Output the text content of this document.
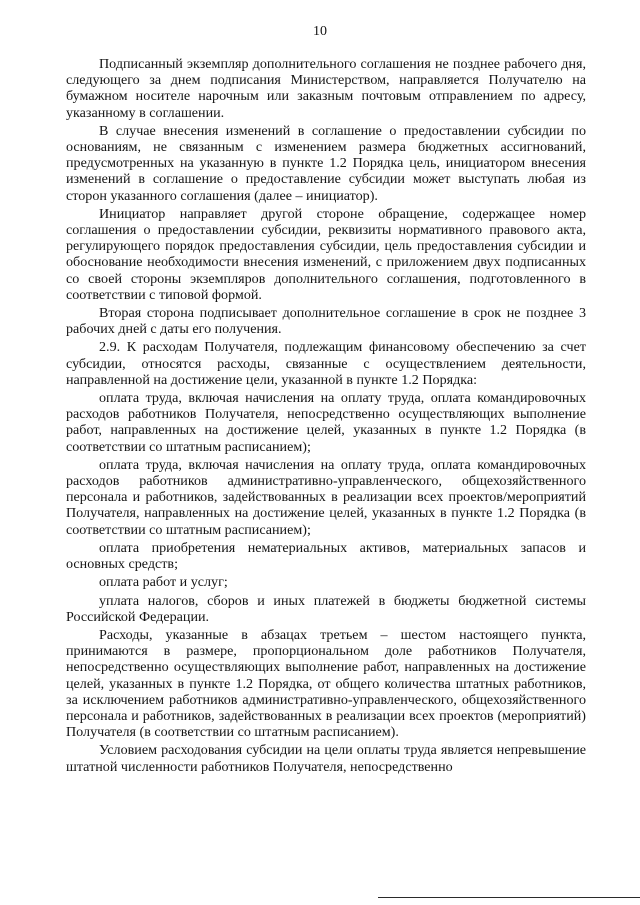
10

Подписанный экземпляр дополнительного соглашения не позднее рабочего дня, следующего за днем подписания Министерством, направляется Получателю на бумажном носителе нарочным или заказным почтовым отправлением по адресу, указанному в соглашении.

В случае внесения изменений в соглашение о предоставлении субсидии по основаниям, не связанным с изменением размера бюджетных ассигнований, предусмотренных на указанную в пункте 1.2 Порядка цель, инициатором внесения изменений в соглашение о предоставление субсидии может выступать любая из сторон указанного соглашения (далее – инициатор).

Инициатор направляет другой стороне обращение, содержащее номер соглашения о предоставлении субсидии, реквизиты нормативного правового акта, регулирующего порядок предоставления субсидии, цель предоставления субсидии и обоснование необходимости внесения изменений, с приложением двух подписанных со своей стороны экземпляров дополнительного соглашения, подготовленного в соответствии с типовой формой.

Вторая сторона подписывает дополнительное соглашение в срок не позднее 3 рабочих дней с даты его получения.

2.9. К расходам Получателя, подлежащим финансовому обеспечению за счет субсидии, относятся расходы, связанные с осуществлением деятельности, направленной на достижение цели, указанной в пункте 1.2 Порядка:

оплата труда, включая начисления на оплату труда, оплата командировочных расходов работников Получателя, непосредственно осуществляющих выполнение работ, направленных на достижение целей, указанных в пункте 1.2 Порядка (в соответствии со штатным расписанием);

оплата труда, включая начисления на оплату труда, оплата командировочных расходов работников административно-управленческого, общехозяйственного персонала и работников, задействованных в реализации всех проектов/мероприятий Получателя, направленных на достижение целей, указанных в пункте 1.2 Порядка (в соответствии со штатным расписанием);

оплата приобретения нематериальных активов, материальных запасов и основных средств;

оплата работ и услуг;

уплата налогов, сборов и иных платежей в бюджеты бюджетной системы Российской Федерации.

Расходы, указанные в абзацах третьем – шестом настоящего пункта, принимаются в размере, пропорциональном доле работников Получателя, непосредственно осуществляющих выполнение работ, направленных на достижение целей, указанных в пункте 1.2 Порядка, от общего количества штатных работников, за исключением работников административно-управленческого, общехозяйственного персонала и работников, задействованных в реализации всех проектов (мероприятий) Получателя (в соответствии со штатным расписанием).

Условием расходования субсидии на цели оплаты труда является непревышение штатной численности работников Получателя, непосредственно
